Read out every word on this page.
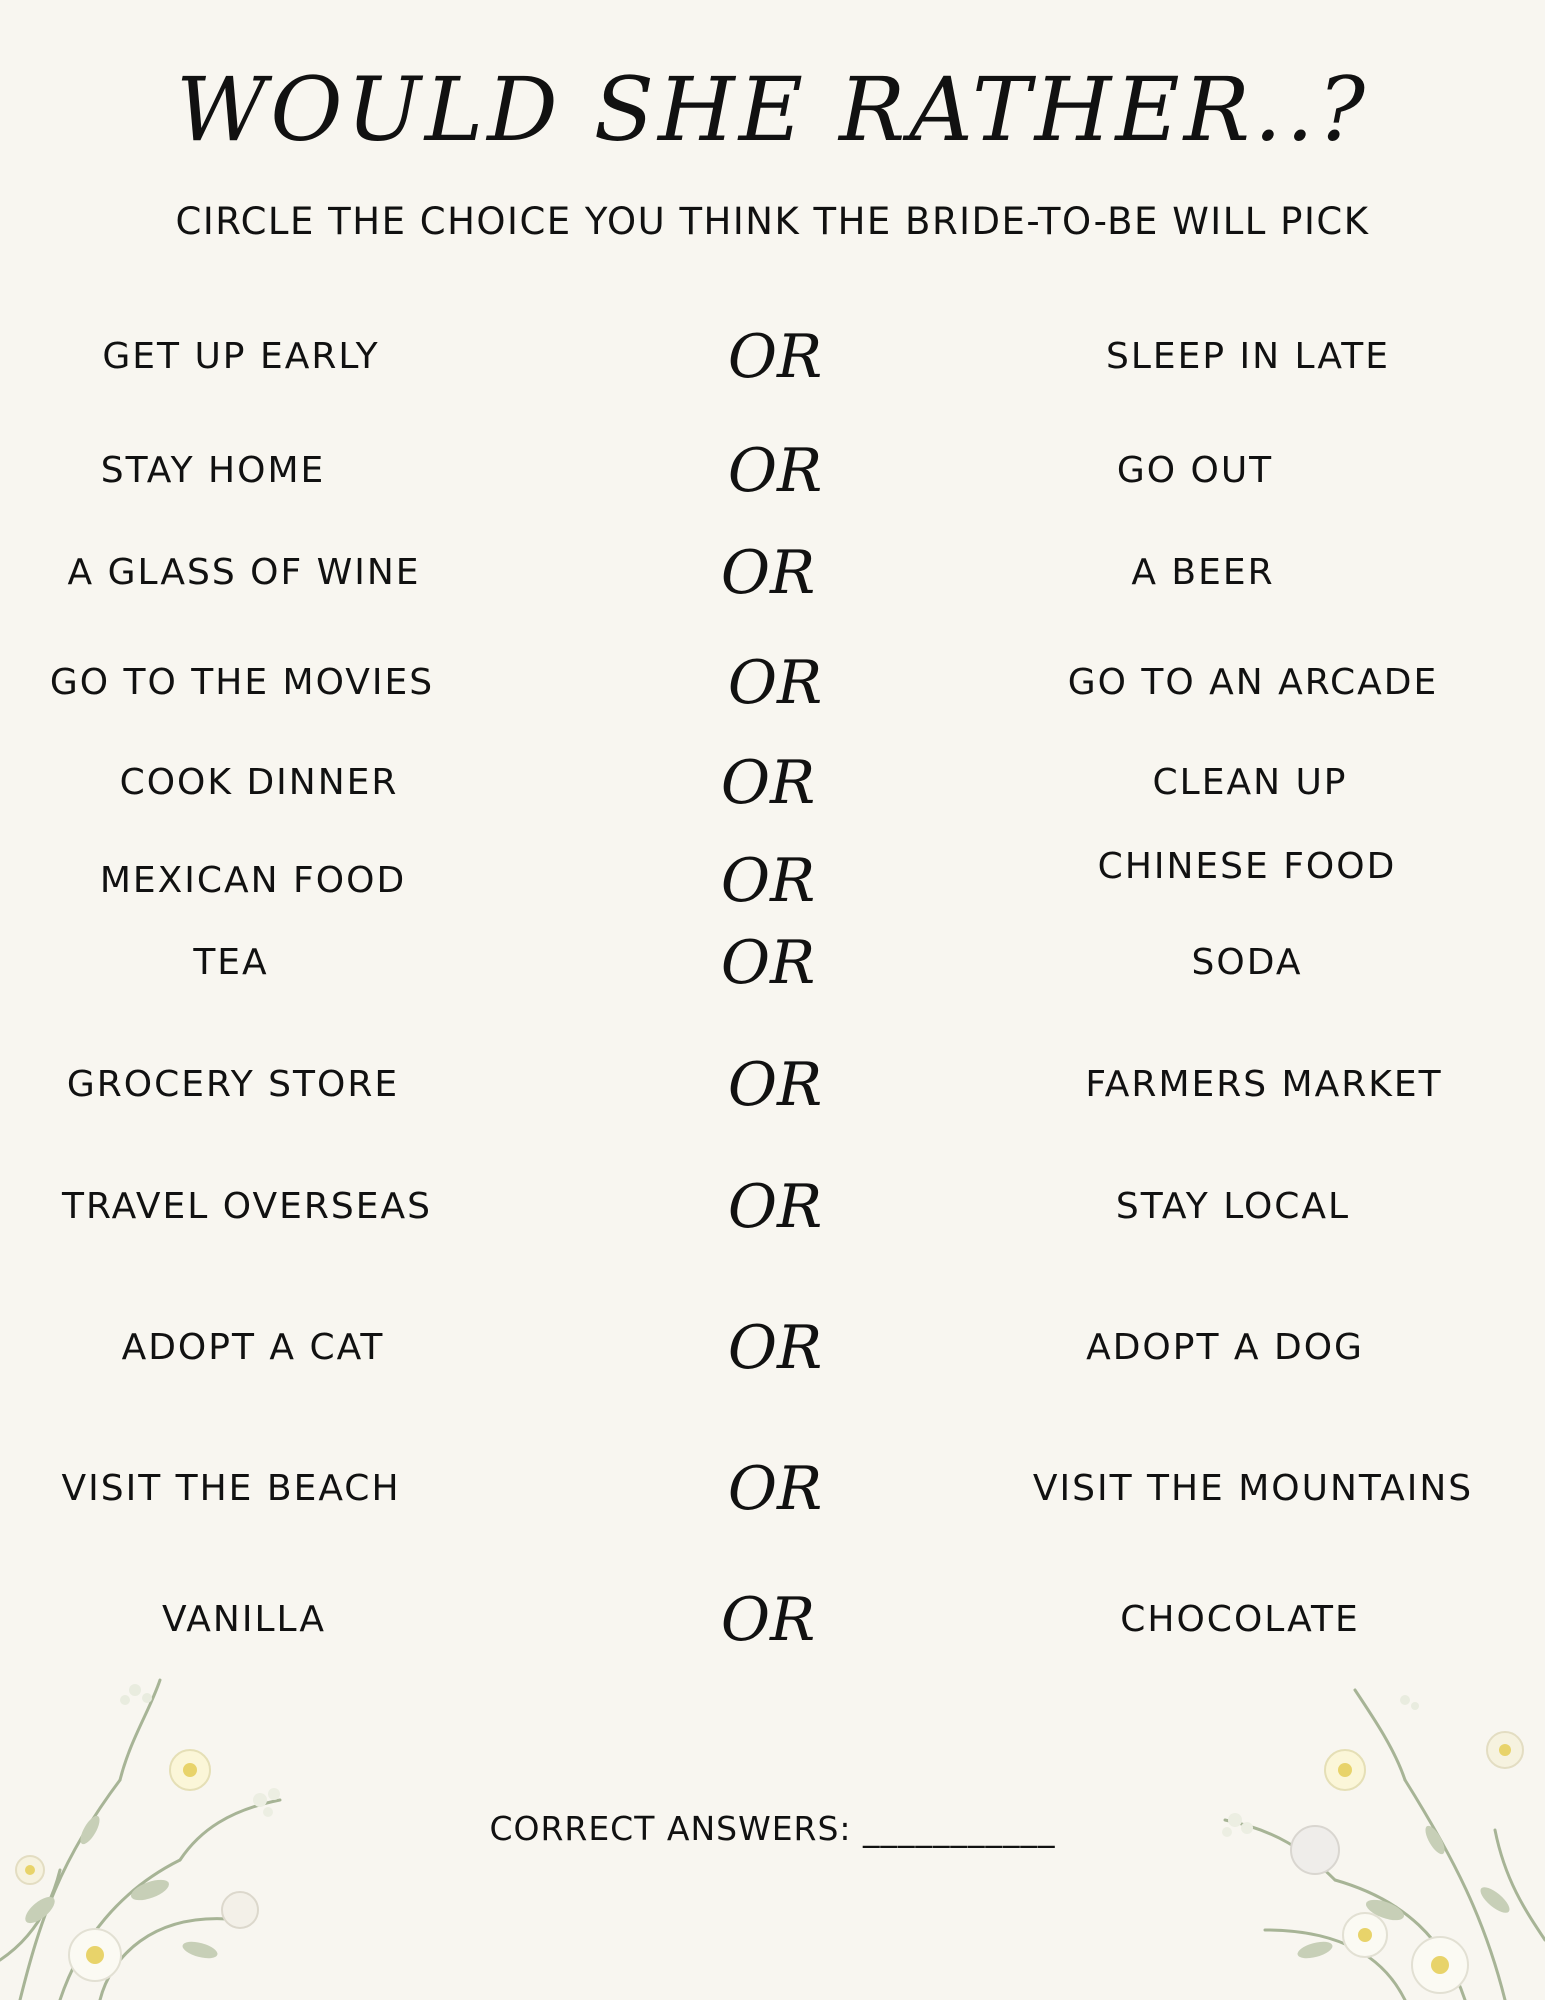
WOULD SHE RATHER..?
CIRCLE THE CHOICE YOU THINK THE BRIDE-TO-BE WILL PICK
GET UP EARLY	OR	SLEEP IN LATE
STAY HOME	OR	GO OUT
A GLASS OF WINE	OR	A BEER
GO TO THE MOVIES	OR	GO TO AN ARCADE
COOK DINNER	OR	CLEAN UP
MEXICAN FOOD	OR	CHINESE FOOD
TEA	OR	SODA
GROCERY STORE	OR	FARMERS MARKET
TRAVEL OVERSEAS	OR	STAY LOCAL
ADOPT A CAT	OR	ADOPT A DOG
VISIT THE BEACH	OR	VISIT THE MOUNTAINS
VANILLA	OR	CHOCOLATE
CORRECT ANSWERS: ___________
